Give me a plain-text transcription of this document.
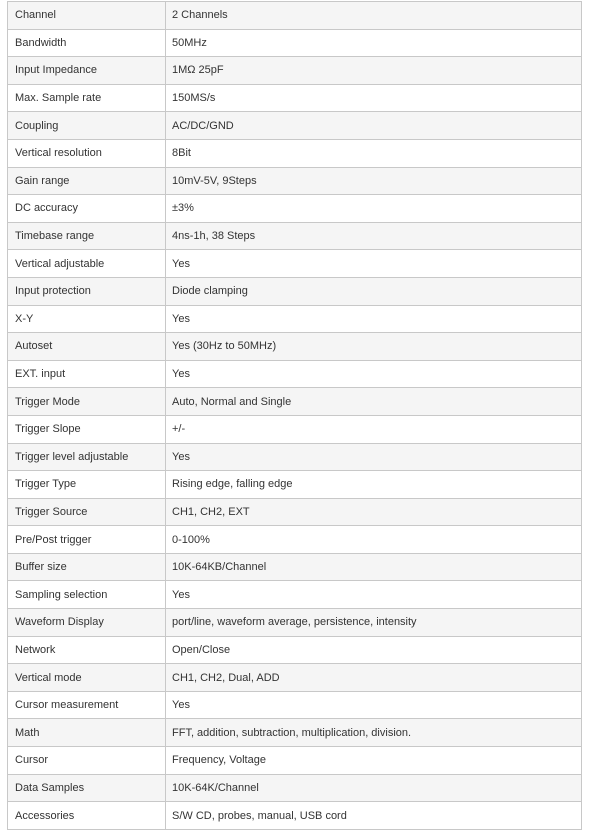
Channel	2 Channels
Bandwidth	50MHz
Input Impedance	1MΩ 25pF
Max. Sample rate	150MS/s
Coupling	AC/DC/GND
Vertical resolution	8Bit
Gain range	10mV-5V, 9Steps
DC accuracy	±3%
Timebase range	4ns-1h, 38 Steps
Vertical adjustable	Yes
Input protection	Diode clamping
X-Y	Yes
Autoset	Yes (30Hz to 50MHz)
EXT. input	Yes
Trigger Mode	Auto, Normal and Single
Trigger Slope	+/-
Trigger level adjustable	Yes
Trigger Type	Rising edge, falling edge
Trigger Source	CH1, CH2, EXT
Pre/Post trigger	0-100%
Buffer size	10K-64KB/Channel
Sampling selection	Yes
Waveform Display	port/line, waveform average, persistence, intensity
Network	Open/Close
Vertical mode	CH1, CH2, Dual, ADD
Cursor measurement	Yes
Math	FFT, addition, subtraction, multiplication, division.
Cursor	Frequency, Voltage
Data Samples	10K-64K/Channel
Accessories	S/W CD, probes, manual, USB cord
